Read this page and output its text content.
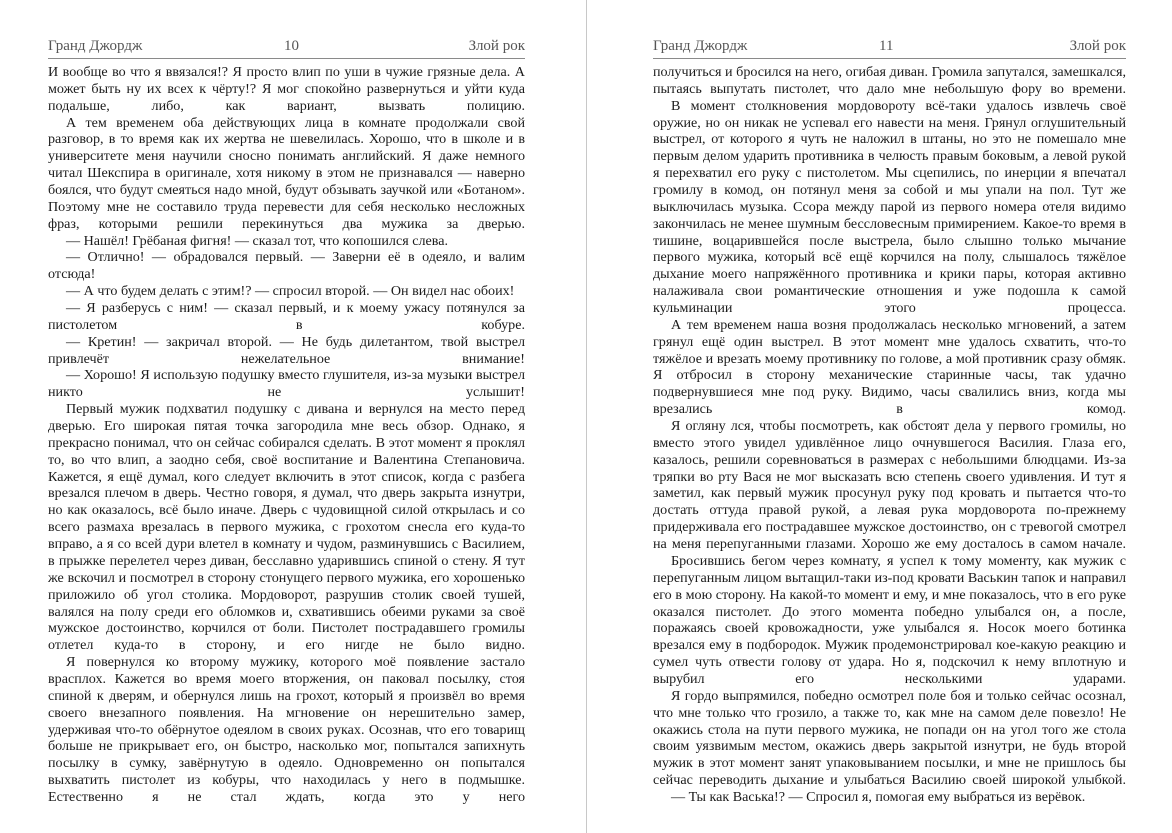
Гранд Джордж	10	Злой рок

И вообще во что я ввязался!? Я просто влип по уши в чужие грязные дела. А может быть ну их всех к чёрту!? Я мог спокойно развернуться и уйти куда подальше, либо, как вариант, вызвать полицию.

А тем временем оба действующих лица в комнате продолжали свой разговор, в то время как их жертва не шевелилась. Хорошо, что в школе и в университете меня научили сносно понимать английский. Я даже немного читал Шекспира в оригинале, хотя никому в этом не признавался — наверно боялся, что будут смеяться надо мной, будут обзывать заучкой или «Ботаном». Поэтому мне не составило труда перевести для себя несколько несложных фраз, которыми решили перекинуться два мужика за дверью.

— Нашёл! Грёбаная фигня! — сказал тот, что копошился слева.

— Отлично! — обрадовался первый. — Заверни её в одеяло, и валим отсюда!

— А что будем делать с этим!? — спросил второй. — Он видел нас обоих!

— Я разберусь с ним! — сказал первый, и к моему ужасу потянулся за пистолетом в кобуре.

— Кретин! — закричал второй. — Не будь дилетантом, твой выстрел привлечёт нежелательное внимание!

— Хорошо! Я использую подушку вместо глушителя, из-за музыки выстрел никто не услышит!

Первый мужик подхватил подушку с дивана и вернулся на место перед дверью. Его широкая пятая точка загородила мне весь обзор. Однако, я прекрасно понимал, что он сейчас собирался сделать. В этот момент я проклял то, во что влип, а заодно себя, своё воспитание и Валентина Степановича. Кажется, я ещё думал, кого следует включить в этот список, когда с разбега врезался плечом в дверь. Честно говоря, я думал, что дверь закрыта изнутри, но как оказалось, всё было иначе. Дверь с чудовищной силой открылась и со всего размаха врезалась в первого мужика, с грохотом снесла его куда-то вправо, а я со всей дури влетел в комнату и чудом, разминувшись с Василием, в прыжке перелетел через диван, бесславно ударившись спиной о стену. Я тут же вскочил и посмотрел в сторону стонущего первого мужика, его хорошенько приложило об угол столика. Мордоворот, разрушив столик своей тушей, валялся на полу среди его обломков и, схватившись обеими руками за своё мужское достоинство, корчился от боли. Пистолет пострадавшего громилы отлетел куда-то в сторону, и его нигде не было видно.

Я повернулся ко второму мужику, которого моё появление застало врасплох. Кажется во время моего вторжения, он паковал посылку, стоя спиной к дверям, и обернулся лишь на грохот, который я произвёл во время своего внезапного появления. На мгновение он нерешительно замер, удерживая что-то обёрнутое одеялом в своих руках. Осознав, что его товарищ больше не прикрывает его, он быстро, насколько мог, попытался запихнуть посылку в сумку, завёрнутую в одеяло. Одновременно он попытался выхватить пистолет из кобуры, что находилась у него в подмышке. Естественно я не стал ждать, когда это у него

Гранд Джордж	11	Злой рок

получиться и бросился на него, огибая диван. Громила запутался, замешкался, пытаясь выпутать пистолет, что дало мне небольшую фору во времени.

В момент столкновения мордовороту всё-таки удалось извлечь своё оружие, но он никак не успевал его навести на меня. Грянул оглушительный выстрел, от которого я чуть не наложил в штаны, но это не помешало мне первым делом ударить противника в челюсть правым боковым, а левой рукой я перехватил его руку с пистолетом. Мы сцепились, по инерции я впечатал громилу в комод, он потянул меня за собой и мы упали на пол. Тут же выключилась музыка. Ссора между парой из первого номера отеля видимо закончилась не менее шумным бессловесным примирением. Какое-то время в тишине, воцарившейся после выстрела, было слышно только мычание первого мужика, который всё ещё корчился на полу, слышалось тяжёлое дыхание моего напряжённого противника и крики пары, которая активно налаживала свои романтические отношения и уже подошла к самой кульминации этого процесса.

А тем временем наша возня продолжалась несколько мгновений, а затем грянул ещё один выстрел. В этот момент мне удалось схватить, что-то тяжёлое и врезать моему противнику по голове, а мой противник сразу обмяк. Я отбросил в сторону механические старинные часы, так удачно подвернувшиеся мне под руку. Видимо, часы свалились вниз, когда мы врезались в комод.

Я огляну лся, чтобы посмотреть, как обстоят дела у первого громилы, но вместо этого увидел удивлённое лицо очнувшегося Василия. Глаза его, казалось, решили соревноваться в размерах с небольшими блюдцами. Из-за тряпки во рту Вася не мог высказать всю степень своего удивления. И тут я заметил, как первый мужик просунул руку под кровать и пытается что-то достать оттуда правой рукой, а левая рука мордоворота по-прежнему придерживала его пострадавшее мужское достоинство, он с тревогой смотрел на меня перепуганными глазами. Хорошо же ему досталось в самом начале.

Бросившись бегом через комнату, я успел к тому моменту, как мужик с перепуганным лицом вытащил-таки из-под кровати Васькин тапок и направил его в мою сторону. На какой-то момент и ему, и мне показалось, что в его руке оказался пистолет. До этого момента победно улыбался он, а после, поражаясь своей кровожадности, уже улыбался я. Носок моего ботинка врезался ему в подбородок. Мужик продемонстрировал кое-какую реакцию и сумел чуть отвести голову от удара. Но я, подскочил к нему вплотную и вырубил его несколькими ударами.

Я гордо выпрямился, победно осмотрел поле боя и только сейчас осознал, что мне только что грозило, а также то, как мне на самом деле повезло! Не окажись стола на пути первого мужика, не попади он на угол того же стола своим уязвимым местом, окажись дверь закрытой изнутри, не будь второй мужик в этот момент занят упаковыванием посылки, и мне не пришлось бы сейчас переводить дыхание и улыбаться Василию своей широкой улыбкой.

— Ты как Васька!? — Спросил я, помогая ему выбраться из верёвок.
